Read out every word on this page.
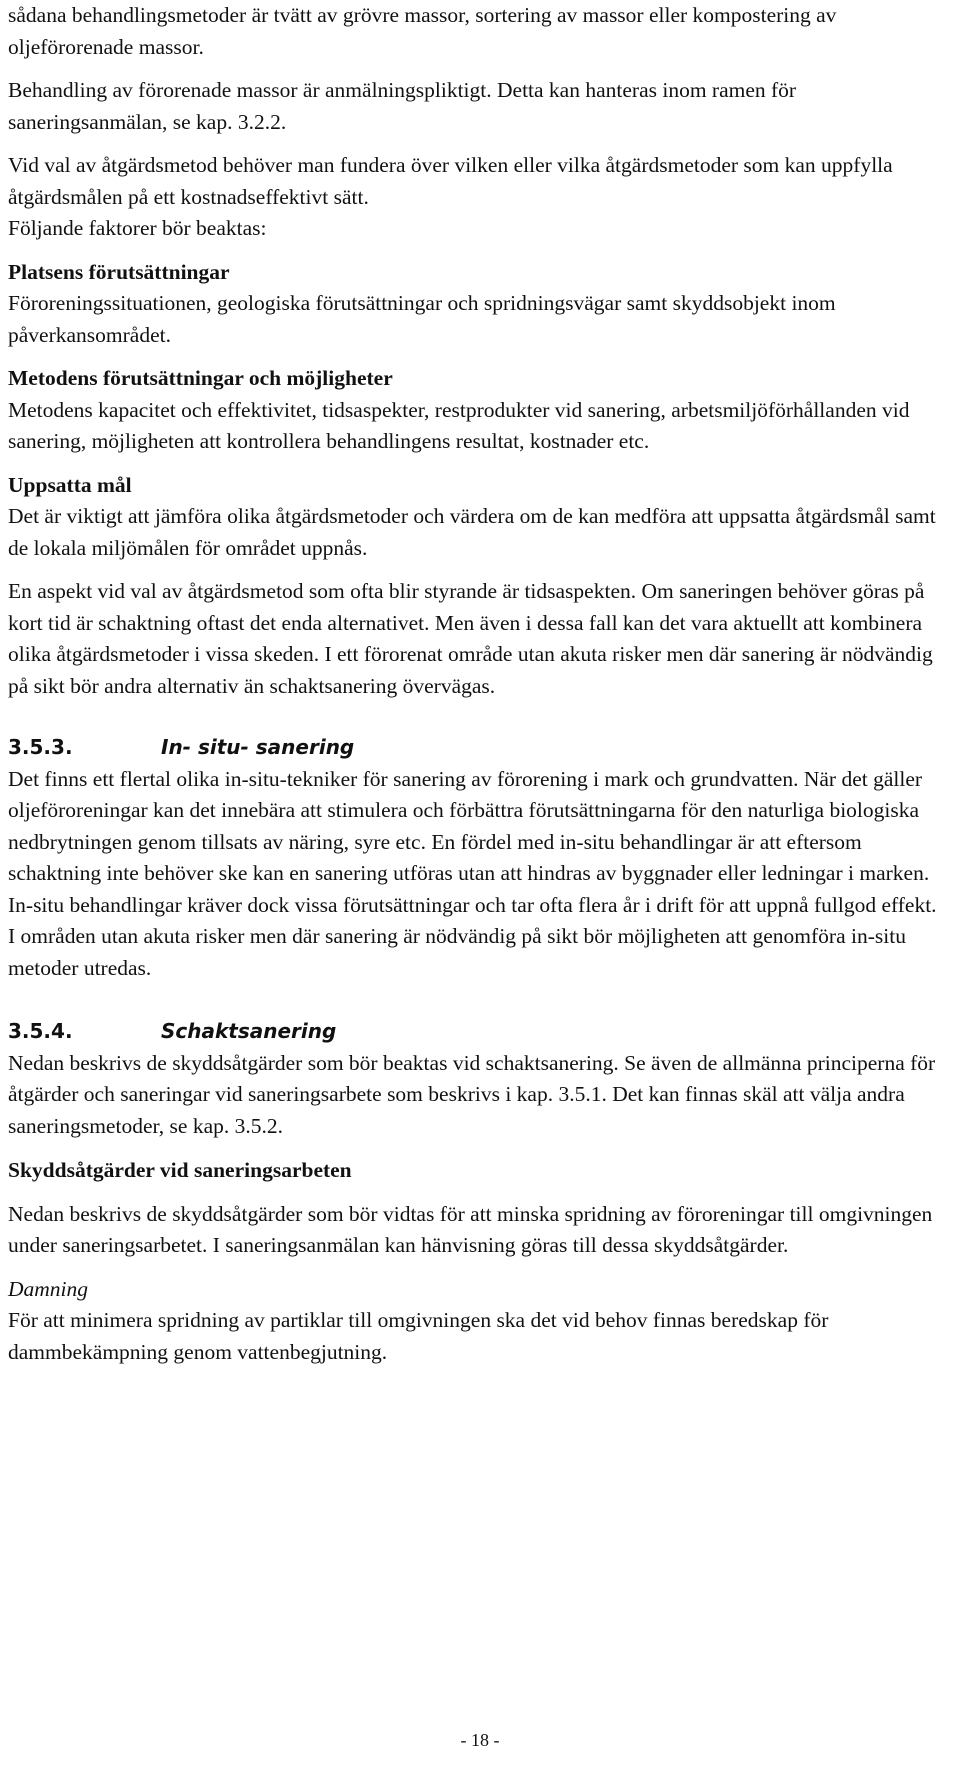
sådana behandlingsmetoder är tvätt av grövre massor, sortering av massor eller kompostering av oljeförorenade massor.

Behandling av förorenade massor är anmälningspliktigt. Detta kan hanteras inom ramen för saneringsanmälan, se kap. 3.2.2.

Vid val av åtgärdsmetod behöver man fundera över vilken eller vilka åtgärdsmetoder som kan uppfylla åtgärdsmålen på ett kostnadseffektivt sätt.

Följande faktorer bör beaktas:

Platsens förutsättningar

Föroreningssituationen, geologiska förutsättningar och spridningsvägar samt skyddsobjekt inom påverkansområdet.

Metodens förutsättningar och möjligheter

Metodens kapacitet och effektivitet, tidsaspekter, restprodukter vid sanering, arbetsmiljöförhållanden vid sanering, möjligheten att kontrollera behandlingens resultat, kostnader etc.

Uppsatta mål

Det är viktigt att jämföra olika åtgärdsmetoder och värdera om de kan medföra att uppsatta åtgärdsmål samt de lokala miljömålen för området uppnås.

En aspekt vid val av åtgärdsmetod som ofta blir styrande är tidsaspekten. Om saneringen behöver göras på kort tid är schaktning oftast det enda alternativet. Men även i dessa fall kan det vara aktuellt att kombinera olika åtgärdsmetoder i vissa skeden. I ett förorenat område utan akuta risker men där sanering är nödvändig på sikt bör andra alternativ än schaktsanering övervägas.

3.5.3.	In- situ- sanering

Det finns ett flertal olika in-situ-tekniker för sanering av förorening i mark och grundvatten. När det gäller oljeföroreningar kan det innebära att stimulera och förbättra förutsättningarna för den naturliga biologiska nedbrytningen genom tillsats av näring, syre etc. En fördel med in-situ behandlingar är att eftersom schaktning inte behöver ske kan en sanering utföras utan att hindras av byggnader eller ledningar i marken. In-situ behandlingar kräver dock vissa förutsättningar och tar ofta flera år i drift för att uppnå fullgod effekt. I områden utan akuta risker men där sanering är nödvändig på sikt bör möjligheten att genomföra in-situ metoder utredas.

3.5.4.	Schaktsanering

Nedan beskrivs de skyddsåtgärder som bör beaktas vid schaktsanering. Se även de allmänna principerna för åtgärder och saneringar vid saneringsarbete som beskrivs i kap. 3.5.1. Det kan finnas skäl att välja andra saneringsmetoder, se kap. 3.5.2.

Skyddsåtgärder vid saneringsarbeten

Nedan beskrivs de skyddsåtgärder som bör vidtas för att minska spridning av föroreningar till omgivningen under saneringsarbetet. I saneringsanmälan kan hänvisning göras till dessa skyddsåtgärder.

Damning

För att minimera spridning av partiklar till omgivningen ska det vid behov finnas beredskap för dammbekämpning genom vattenbegjutning.

- 18 -
